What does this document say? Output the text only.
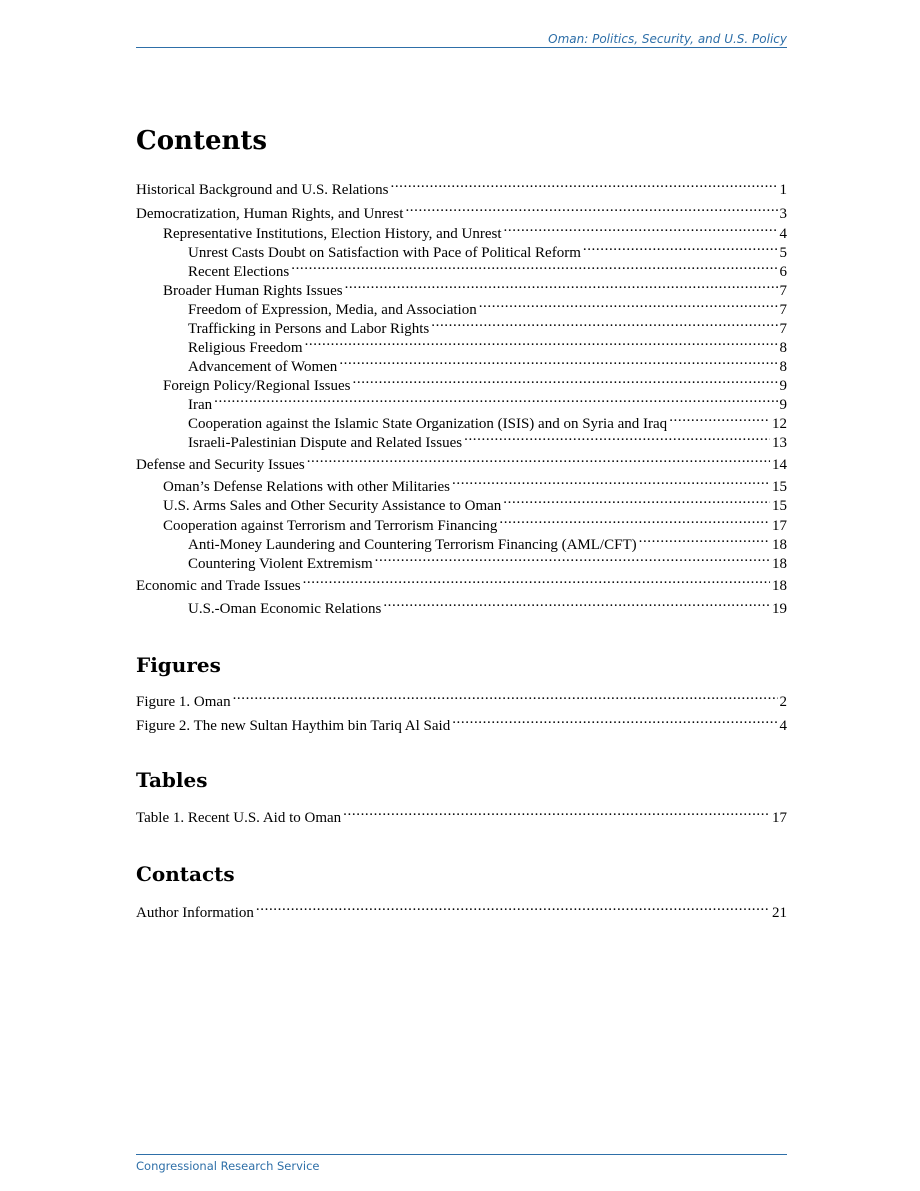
Oman: Politics, Security, and U.S. Policy
Contents
Historical Background and U.S. Relations .....	1
Democratization, Human Rights, and Unrest .....	3
Representative Institutions, Election History, and Unrest .....	4
Unrest Casts Doubt on Satisfaction with Pace of Political Reform .....	5
Recent Elections .....	6
Broader Human Rights Issues .....	7
Freedom of Expression, Media, and Association .....	7
Trafficking in Persons and Labor Rights .....	7
Religious Freedom .....	8
Advancement of Women .....	8
Foreign Policy/Regional Issues .....	9
Iran .....	9
Cooperation against the Islamic State Organization (ISIS) and on Syria and Iraq .....	12
Israeli-Palestinian Dispute and Related Issues .....	13
Defense and Security Issues .....	14
Oman’s Defense Relations with other Militaries .....	15
U.S. Arms Sales and Other Security Assistance to Oman .....	15
Cooperation against Terrorism and Terrorism Financing .....	17
Anti-Money Laundering and Countering Terrorism Financing (AML/CFT) .....	18
Countering Violent Extremism .....	18
Economic and Trade Issues .....	18
U.S.-Oman Economic Relations .....	19
Figures
Figure 1. Oman .....	2
Figure 2. The new Sultan Haythim bin Tariq Al Said .....	4
Tables
Table 1. Recent U.S. Aid to Oman .....	17
Contacts
Author Information .....	21
Congressional Research Service
